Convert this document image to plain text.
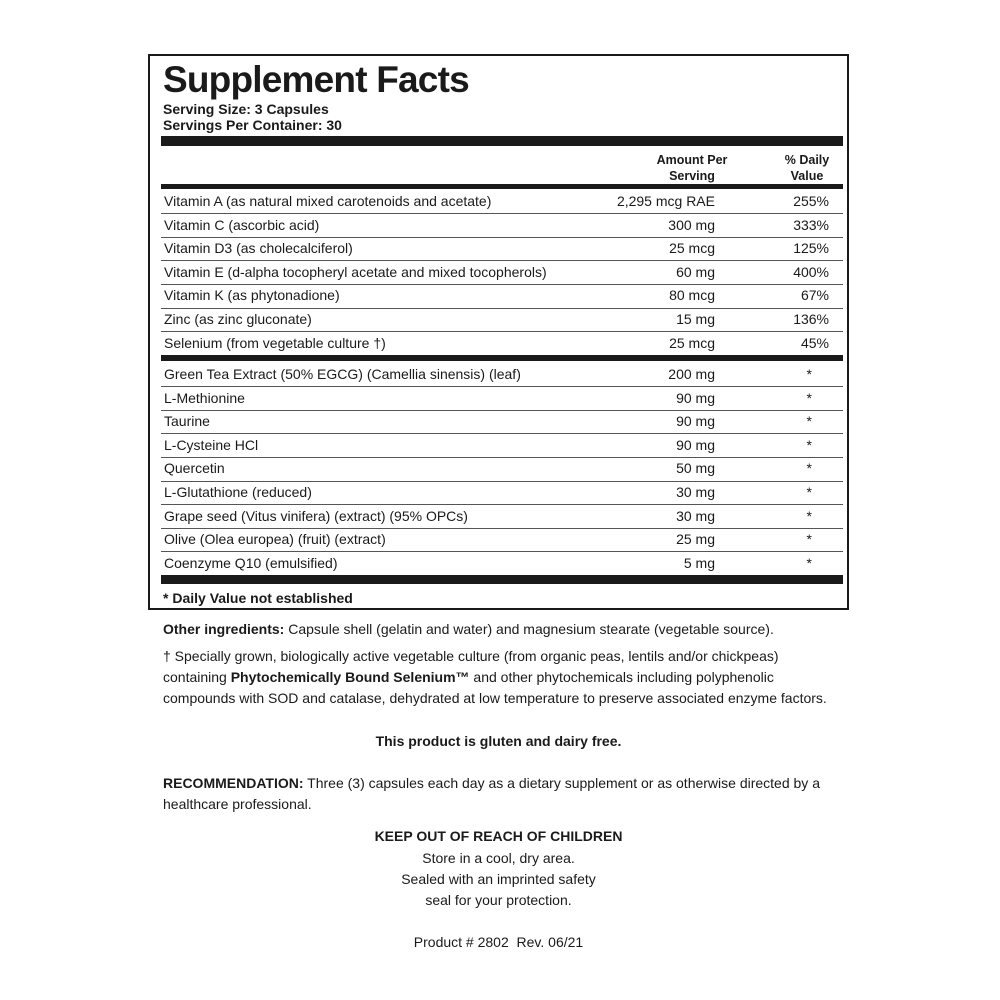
Supplement Facts
Serving Size: 3 Capsules
Servings Per Container: 30
Amount Per
Serving
% Daily
Value
Vitamin A (as natural mixed carotenoids and acetate)	2,295 mcg RAE	255%
Vitamin C (ascorbic acid)	300 mg	333%
Vitamin D3 (as cholecalciferol)	25 mcg	125%
Vitamin E (d-alpha tocopheryl acetate and mixed tocopherols)	60 mg	400%
Vitamin K (as phytonadione)	80 mcg	67%
Zinc (as zinc gluconate)	15 mg	136%
Selenium (from vegetable culture †)	25 mcg	45%
Green Tea Extract (50% EGCG) (Camellia sinensis) (leaf)	200 mg	*
L-Methionine	90 mg	*
Taurine	90 mg	*
L-Cysteine HCl	90 mg	*
Quercetin	50 mg	*
L-Glutathione (reduced)	30 mg	*
Grape seed (Vitus vinifera) (extract) (95% OPCs)	30 mg	*
Olive (Olea europea) (fruit) (extract)	25 mg	*
Coenzyme Q10 (emulsified)	5 mg	*
* Daily Value not established
Other ingredients: Capsule shell (gelatin and water) and magnesium stearate (vegetable source).
† Specially grown, biologically active vegetable culture (from organic peas, lentils and/or chickpeas) containing Phytochemically Bound Selenium™ and other phytochemicals including polyphenolic compounds with SOD and catalase, dehydrated at low temperature to preserve associated enzyme factors.
This product is gluten and dairy free.
RECOMMENDATION: Three (3) capsules each day as a dietary supplement or as otherwise directed by a healthcare professional.
KEEP OUT OF REACH OF CHILDREN
Store in a cool, dry area.
Sealed with an imprinted safety
seal for your protection.
Product # 2802  Rev. 06/21
